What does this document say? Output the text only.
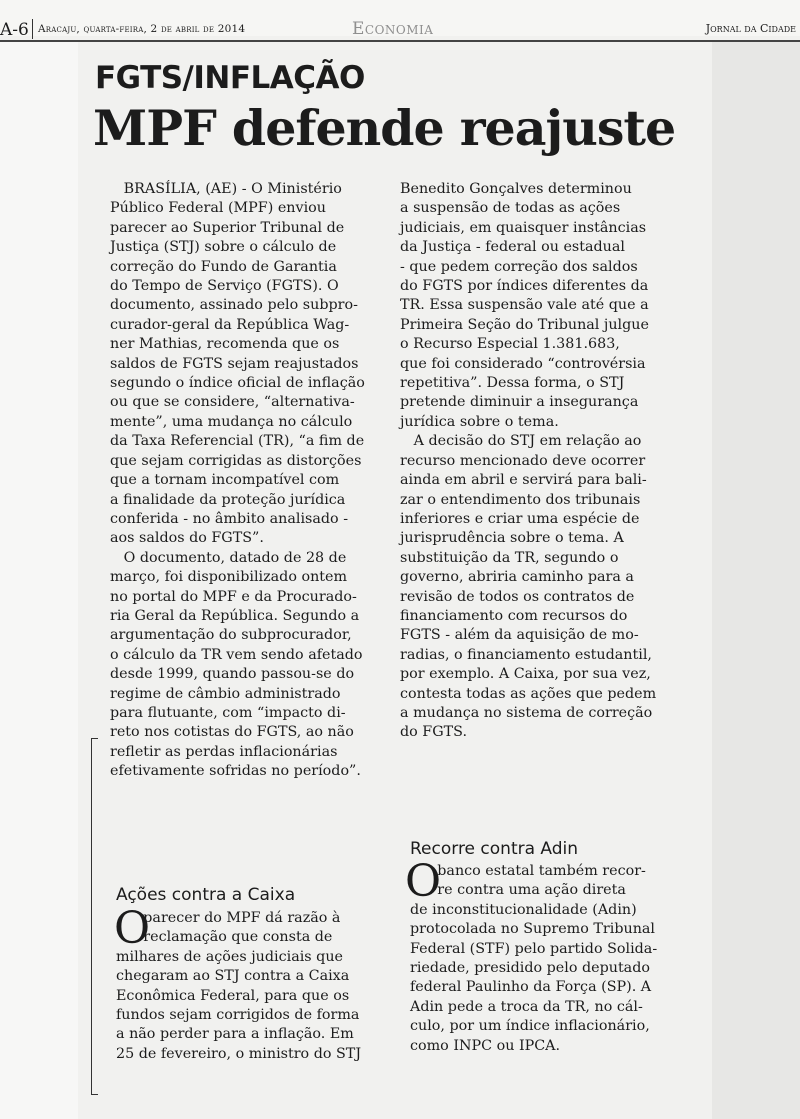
A-6 Aracaju, quarta-feira, 2 de abril de 2014	Economia	Jornal da Cidade
FGTS/INFLAÇÃO
MPF defende reajuste

BRASÍLIA, (AE) - O Ministério

Público Federal (MPF) enviou

parecer ao Superior Tribunal de

Justiça (STJ) sobre o cálculo de

correção do Fundo de Garantia

do Tempo de Serviço (FGTS). O

documento, assinado pelo subpro-

curador-geral da República Wag-

ner Mathias, recomenda que os

saldos de FGTS sejam reajustados

segundo o índice oficial de inflação

ou que se considere, “alternativa-

mente”, uma mudança no cálculo

da Taxa Referencial (TR), “a fim de

que sejam corrigidas as distorções

que a tornam incompatível com

a finalidade da proteção jurídica

conferida - no âmbito analisado -

aos saldos do FGTS”.

O documento, datado de 28 de

março, foi disponibilizado ontem

no portal do MPF e da Procurado-

ria Geral da República. Segundo a

argumentação do subprocurador,

o cálculo da TR vem sendo afetado

desde 1999, quando passou-se do

regime de câmbio administrado

para flutuante, com “impacto di-

reto nos cotistas do FGTS, ao não

refletir as perdas inflacionárias

efetivamente sofridas no período”.

Benedito Gonçalves determinou

a suspensão de todas as ações

judiciais, em quaisquer instâncias

da Justiça - federal ou estadual

- que pedem correção dos saldos

do FGTS por índices diferentes da

TR. Essa suspensão vale até que a

Primeira Seção do Tribunal julgue

o Recurso Especial 1.381.683,

que foi considerado “controvérsia

repetitiva”. Dessa forma, o STJ

pretende diminuir a insegurança

jurídica sobre o tema.

A decisão do STJ em relação ao

recurso mencionado deve ocorrer

ainda em abril e servirá para bali-

zar o entendimento dos tribunais

inferiores e criar uma espécie de

jurisprudência sobre o tema. A

substituição da TR, segundo o

governo, abriria caminho para a

revisão de todos os contratos de

financiamento com recursos do

FGTS - além da aquisição de mo-

radias, o financiamento estudantil,

por exemplo. A Caixa, por sua vez,

contesta todas as ações que pedem

a mudança no sistema de correção

do FGTS.

Ações contra a Caixa
O

parecer do MPF dá razão à

reclamação que consta de

milhares de ações judiciais que

chegaram ao STJ contra a Caixa

Econômica Federal, para que os

fundos sejam corrigidos de forma

a não perder para a inflação. Em

25 de fevereiro, o ministro do STJ

Recorre contra Adin
O

banco estatal também recor-

re contra uma ação direta

de inconstitucionalidade (Adin)

protocolada no Supremo Tribunal

Federal (STF) pelo partido Solida-

riedade, presidido pelo deputado

federal Paulinho da Força (SP). A

Adin pede a troca da TR, no cál-

culo, por um índice inflacionário,

como INPC ou IPCA.
